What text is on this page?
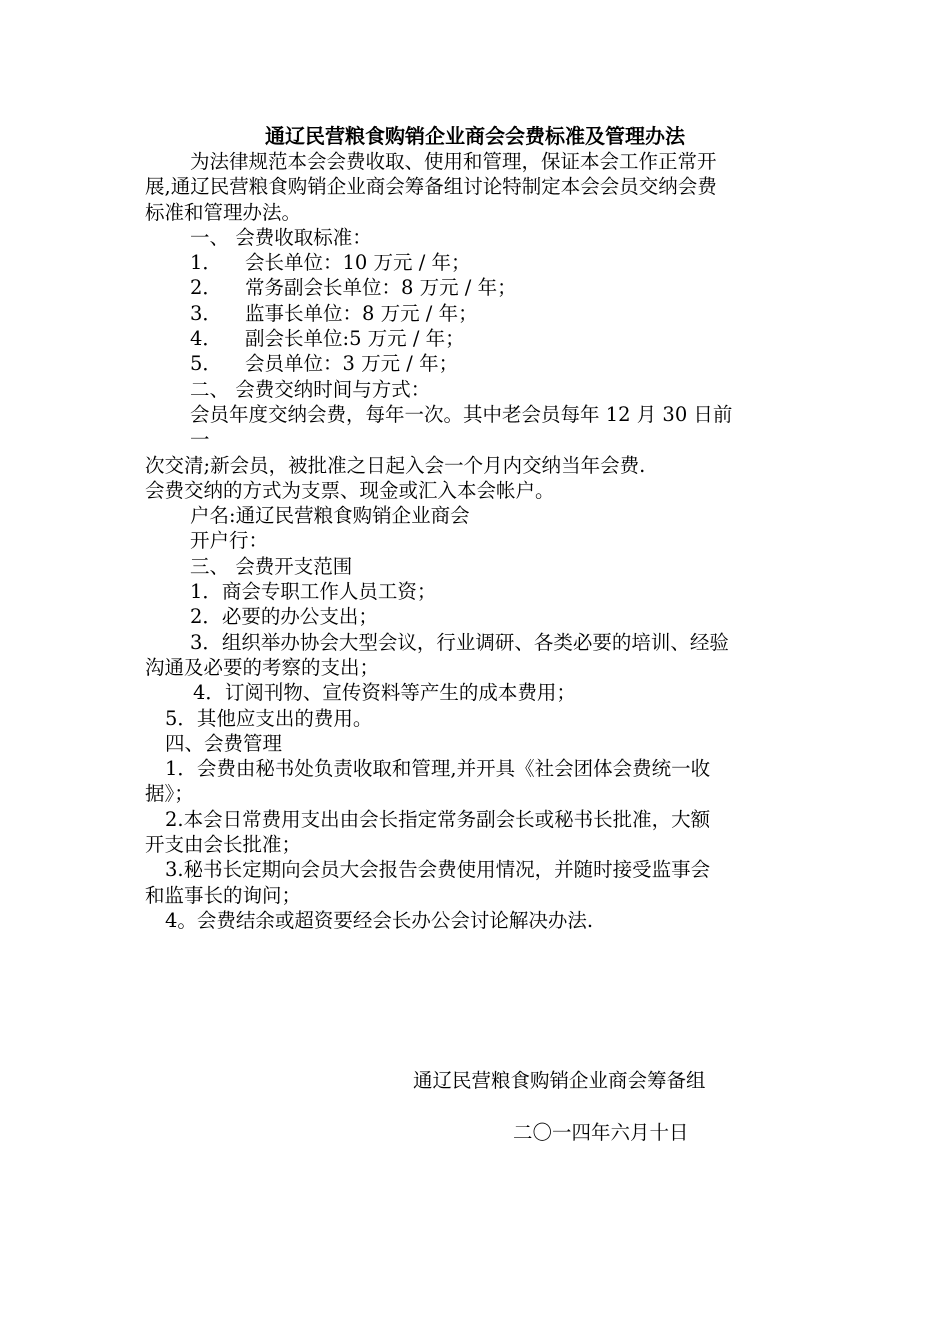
通辽民营粮食购销企业商会会费标准及管理办法
为法律规范本会会费收取、使用和管理，保证本会工作正常开
展,通辽民营粮食购销企业商会筹备组讨论特制定本会会员交纳会费
标准和管理办法。
一、 会费收取标准：
1． 会长单位：10 万元 / 年；
2． 常务副会长单位：8 万元 / 年；
3． 监事长单位：8 万元 / 年；
4． 副会长单位:5 万元 / 年；
5． 会员单位：3 万元 / 年；
二、 会费交纳时间与方式：
会员年度交纳会费，每年一次。其中老会员每年 12 月 30 日前
一
次交清;新会员，被批准之日起入会一个月内交纳当年会费.
会费交纳的方式为支票、现金或汇入本会帐户。
户名:通辽民营粮食购销企业商会
开户行：
三、 会费开支范围
1．商会专职工作人员工资；
2．必要的办公支出；
3．组织举办协会大型会议，行业调研、各类必要的培训、经验
沟通及必要的考察的支出；
4．订阅刊物、宣传资料等产生的成本费用；
5．其他应支出的费用。
四、会费管理
1．会费由秘书处负责收取和管理,并开具《社会团体会费统一收
据》；
2.本会日常费用支出由会长指定常务副会长或秘书长批准，大额
开支由会长批准；
3.秘书长定期向会员大会报告会费使用情况，并随时接受监事会
和监事长的询问；
4。会费结余或超资要经会长办公会讨论解决办法.
通辽民营粮食购销企业商会筹备组
二〇一四年六月十日
